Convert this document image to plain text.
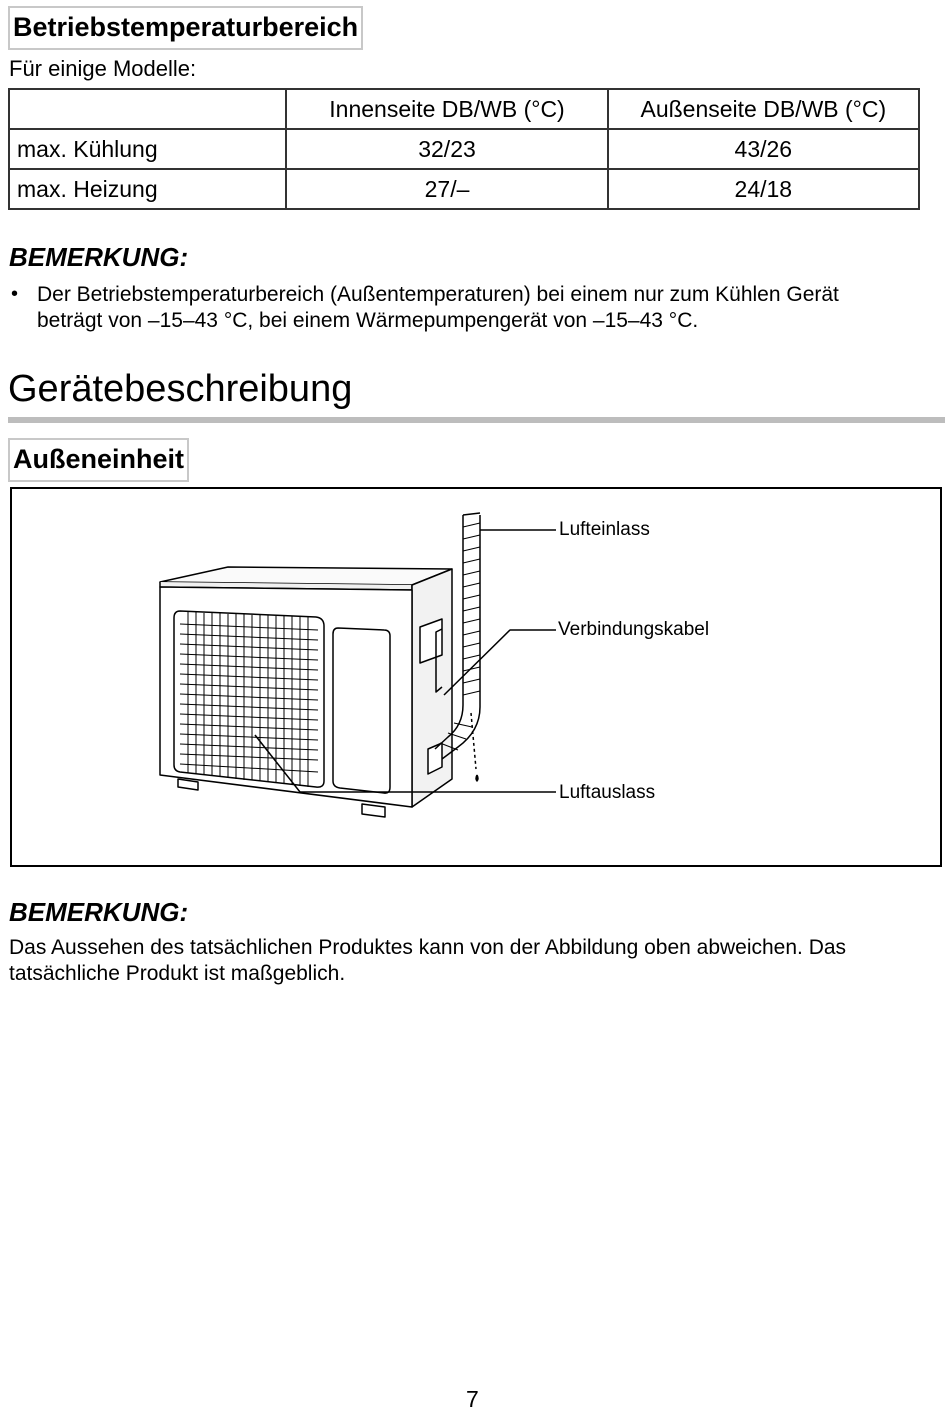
Betriebstemperaturbereich
Für einige Modelle:
	Innenseite DB/WB (°C)	Außenseite DB/WB (°C)
max. Kühlung	32/23	43/26
max. Heizung	27/–	24/18
BEMERKUNG:
• Der Betriebstemperaturbereich (Außentemperaturen) bei einem nur zum Kühlen Gerät
beträgt von –15–43 °C, bei einem Wärmepumpengerät von –15–43 °C.
Gerätebeschreibung
Außeneinheit
Lufteinlass
Verbindungskabel
Luftauslass
BEMERKUNG:
Das Aussehen des tatsächlichen Produktes kann von der Abbildung oben abweichen. Das
tatsächliche Produkt ist maßgeblich.
7
